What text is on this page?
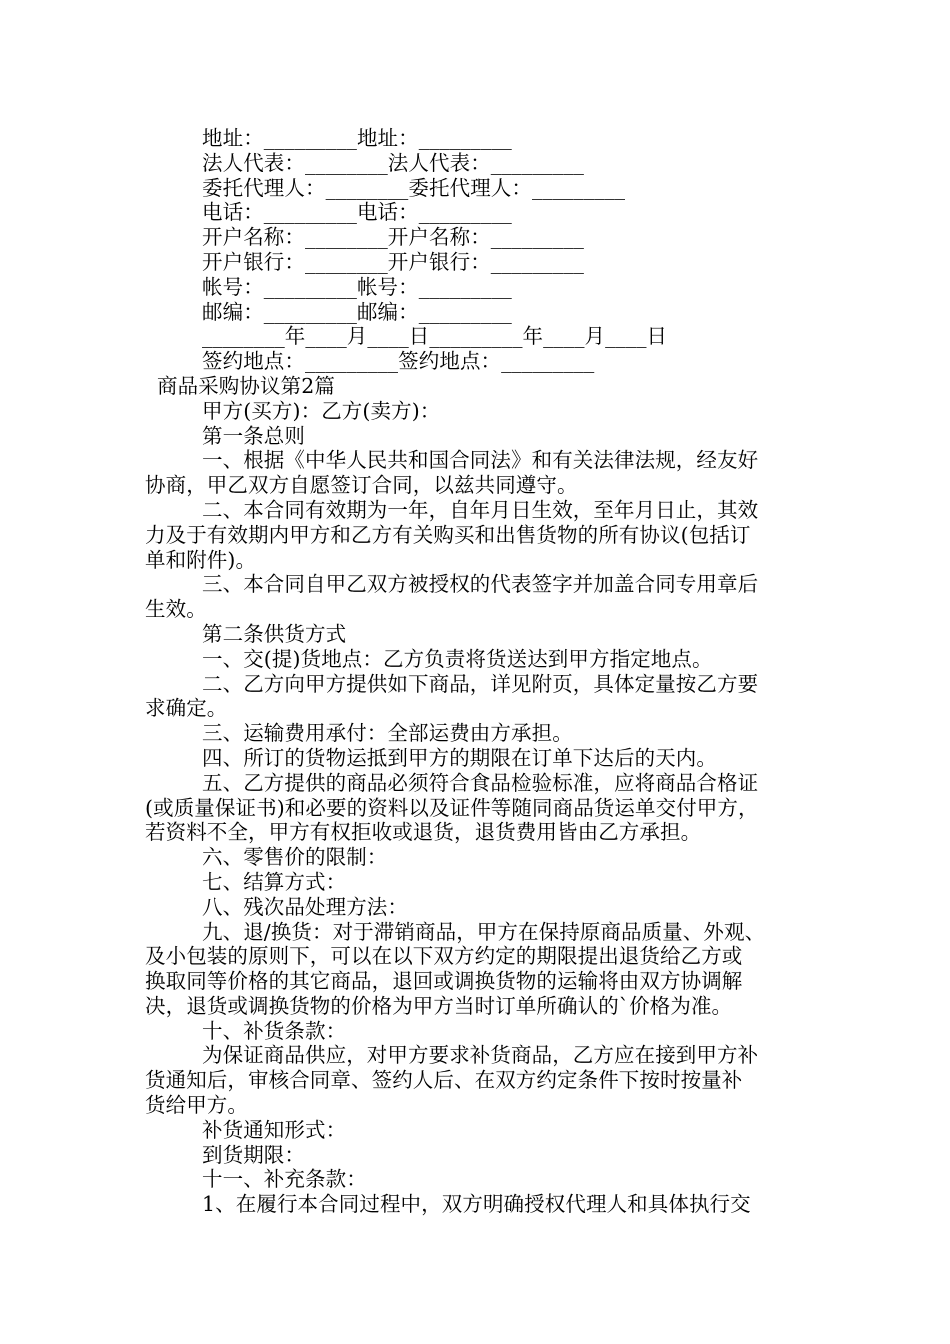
地址：_________地址：_________
法人代表：________法人代表：_________
委托代理人：________委托代理人：_________
电话：_________电话：_________
开户名称：________开户名称：_________
开户银行：________开户银行：_________
帐号：_________帐号：_________
邮编：_________邮编：_________
________年____月____日_________年____月____日
签约地点：_________签约地点：_________
商品采购协议第2篇
甲方(买方)：乙方(卖方)：
第一条总则
一、根据《中华人民共和国合同法》和有关法律法规，经友好
协商，甲乙双方自愿签订合同，以兹共同遵守。
二、本合同有效期为一年，自年月日生效，至年月日止，其效
力及于有效期内甲方和乙方有关购买和出售货物的所有协议(包括订
单和附件)。
三、本合同自甲乙双方被授权的代表签字并加盖合同专用章后
生效。
第二条供货方式
一、交(提)货地点：乙方负责将货送达到甲方指定地点。
二、乙方向甲方提供如下商品，详见附页，具体定量按乙方要
求确定。
三、运输费用承付：全部运费由方承担。
四、所订的货物运抵到甲方的期限在订单下达后的天内。
五、乙方提供的商品必须符合食品检验标准，应将商品合格证
(或质量保证书)和必要的资料以及证件等随同商品货运单交付甲方，
若资料不全，甲方有权拒收或退货，退货费用皆由乙方承担。
六、零售价的限制：
七、结算方式：
八、残次品处理方法：
九、退/换货：对于滞销商品，甲方在保持原商品质量、外观、
及小包装的原则下，可以在以下双方约定的期限提出退货给乙方或
换取同等价格的其它商品，退回或调换货物的运输将由双方协调解
决，退货或调换货物的价格为甲方当时订单所确认的`价格为准。
十、补货条款：
为保证商品供应，对甲方要求补货商品，乙方应在接到甲方补
货通知后，审核合同章、签约人后、在双方约定条件下按时按量补
货给甲方。
补货通知形式：
到货期限：
十一、补充条款：
1、在履行本合同过程中，双方明确授权代理人和具体执行交
